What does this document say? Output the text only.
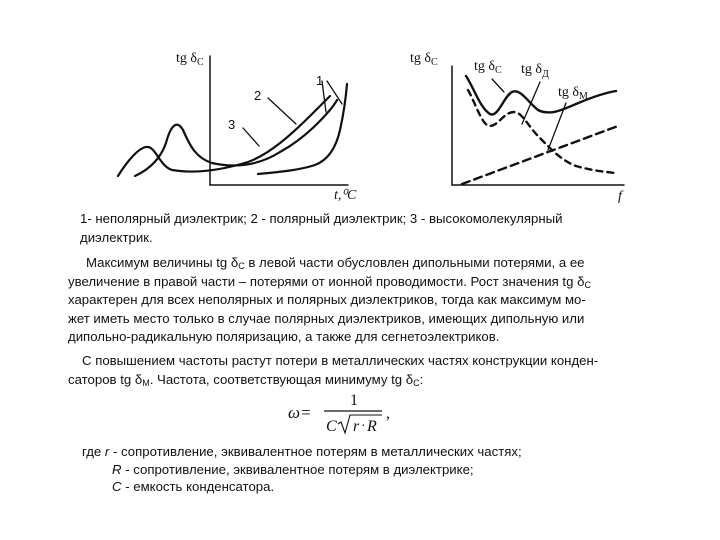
tg $\delta_C$	tg $\delta_C$
1
2
3
t,⁰C
tg $\delta_C$ tg $\delta_Д$
tg $\delta_M$
f
1- неполярный диэлектрик; 2 - полярный диэлектрик; 3 - высокомолекулярный
диэлектрик.
Максимум величины tg $\delta_C$ в левой части обусловлен дипольными потерями, а ее
увеличение в правой части – потерями от ионной проводимости. Рост значения tg $\delta_C$
характерен для всех неполярных и полярных диэлектриков, тогда как максимум мо-
жет иметь место только в случае полярных диэлектриков, имеющих дипольную или
дипольно-радикальную поляризацию, а также для сегнетоэлектриков.
С повышением частоты растут потери в металлических частях конструкции конден-
саторов tg $\delta_M$. Частота, соответствующая минимуму tg $\delta_C$:
ω=
1
C r · R
,
где r - сопротивление, эквивалентное потерям в металлических частях;
R - сопротивление, эквивалентное потерям в диэлектрике;
C - емкость конденсатора.
